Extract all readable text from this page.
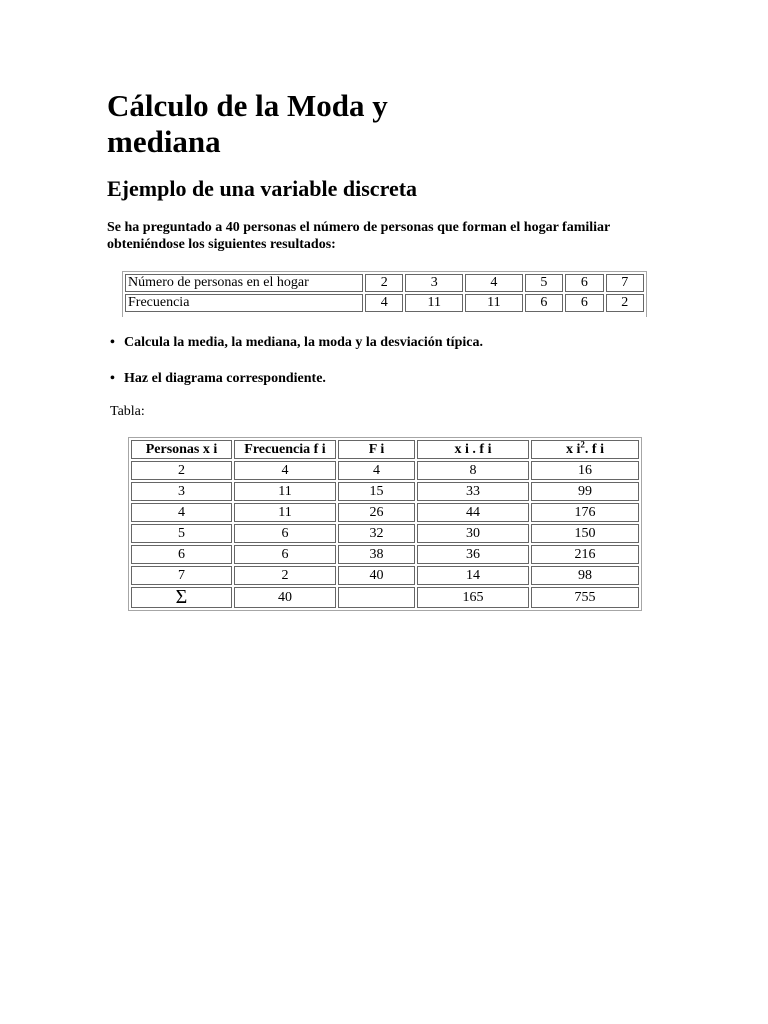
Cálculo de la Moda y
mediana
Ejemplo de una variable discreta

Se ha preguntado a 40 personas el número de personas que forman el hogar familiar obteniéndose los siguientes resultados:

Número de personas en el hogar	2	3	4	5	6	7
Frecuencia	4	11	11	6	6	2

• Calcula la media, la mediana, la moda y la desviación típica.

• Haz el diagrama correspondiente.

Tabla:

Personas x i	Frecuencia f i	F i	x i . f i	x $i^2$. f i
2	4	4	8	16
3	11	15	33	99
4	11	26	44	176
5	6	32	30	150
6	6	38	36	216
7	2	40	14	98
Σ	40		165	755
